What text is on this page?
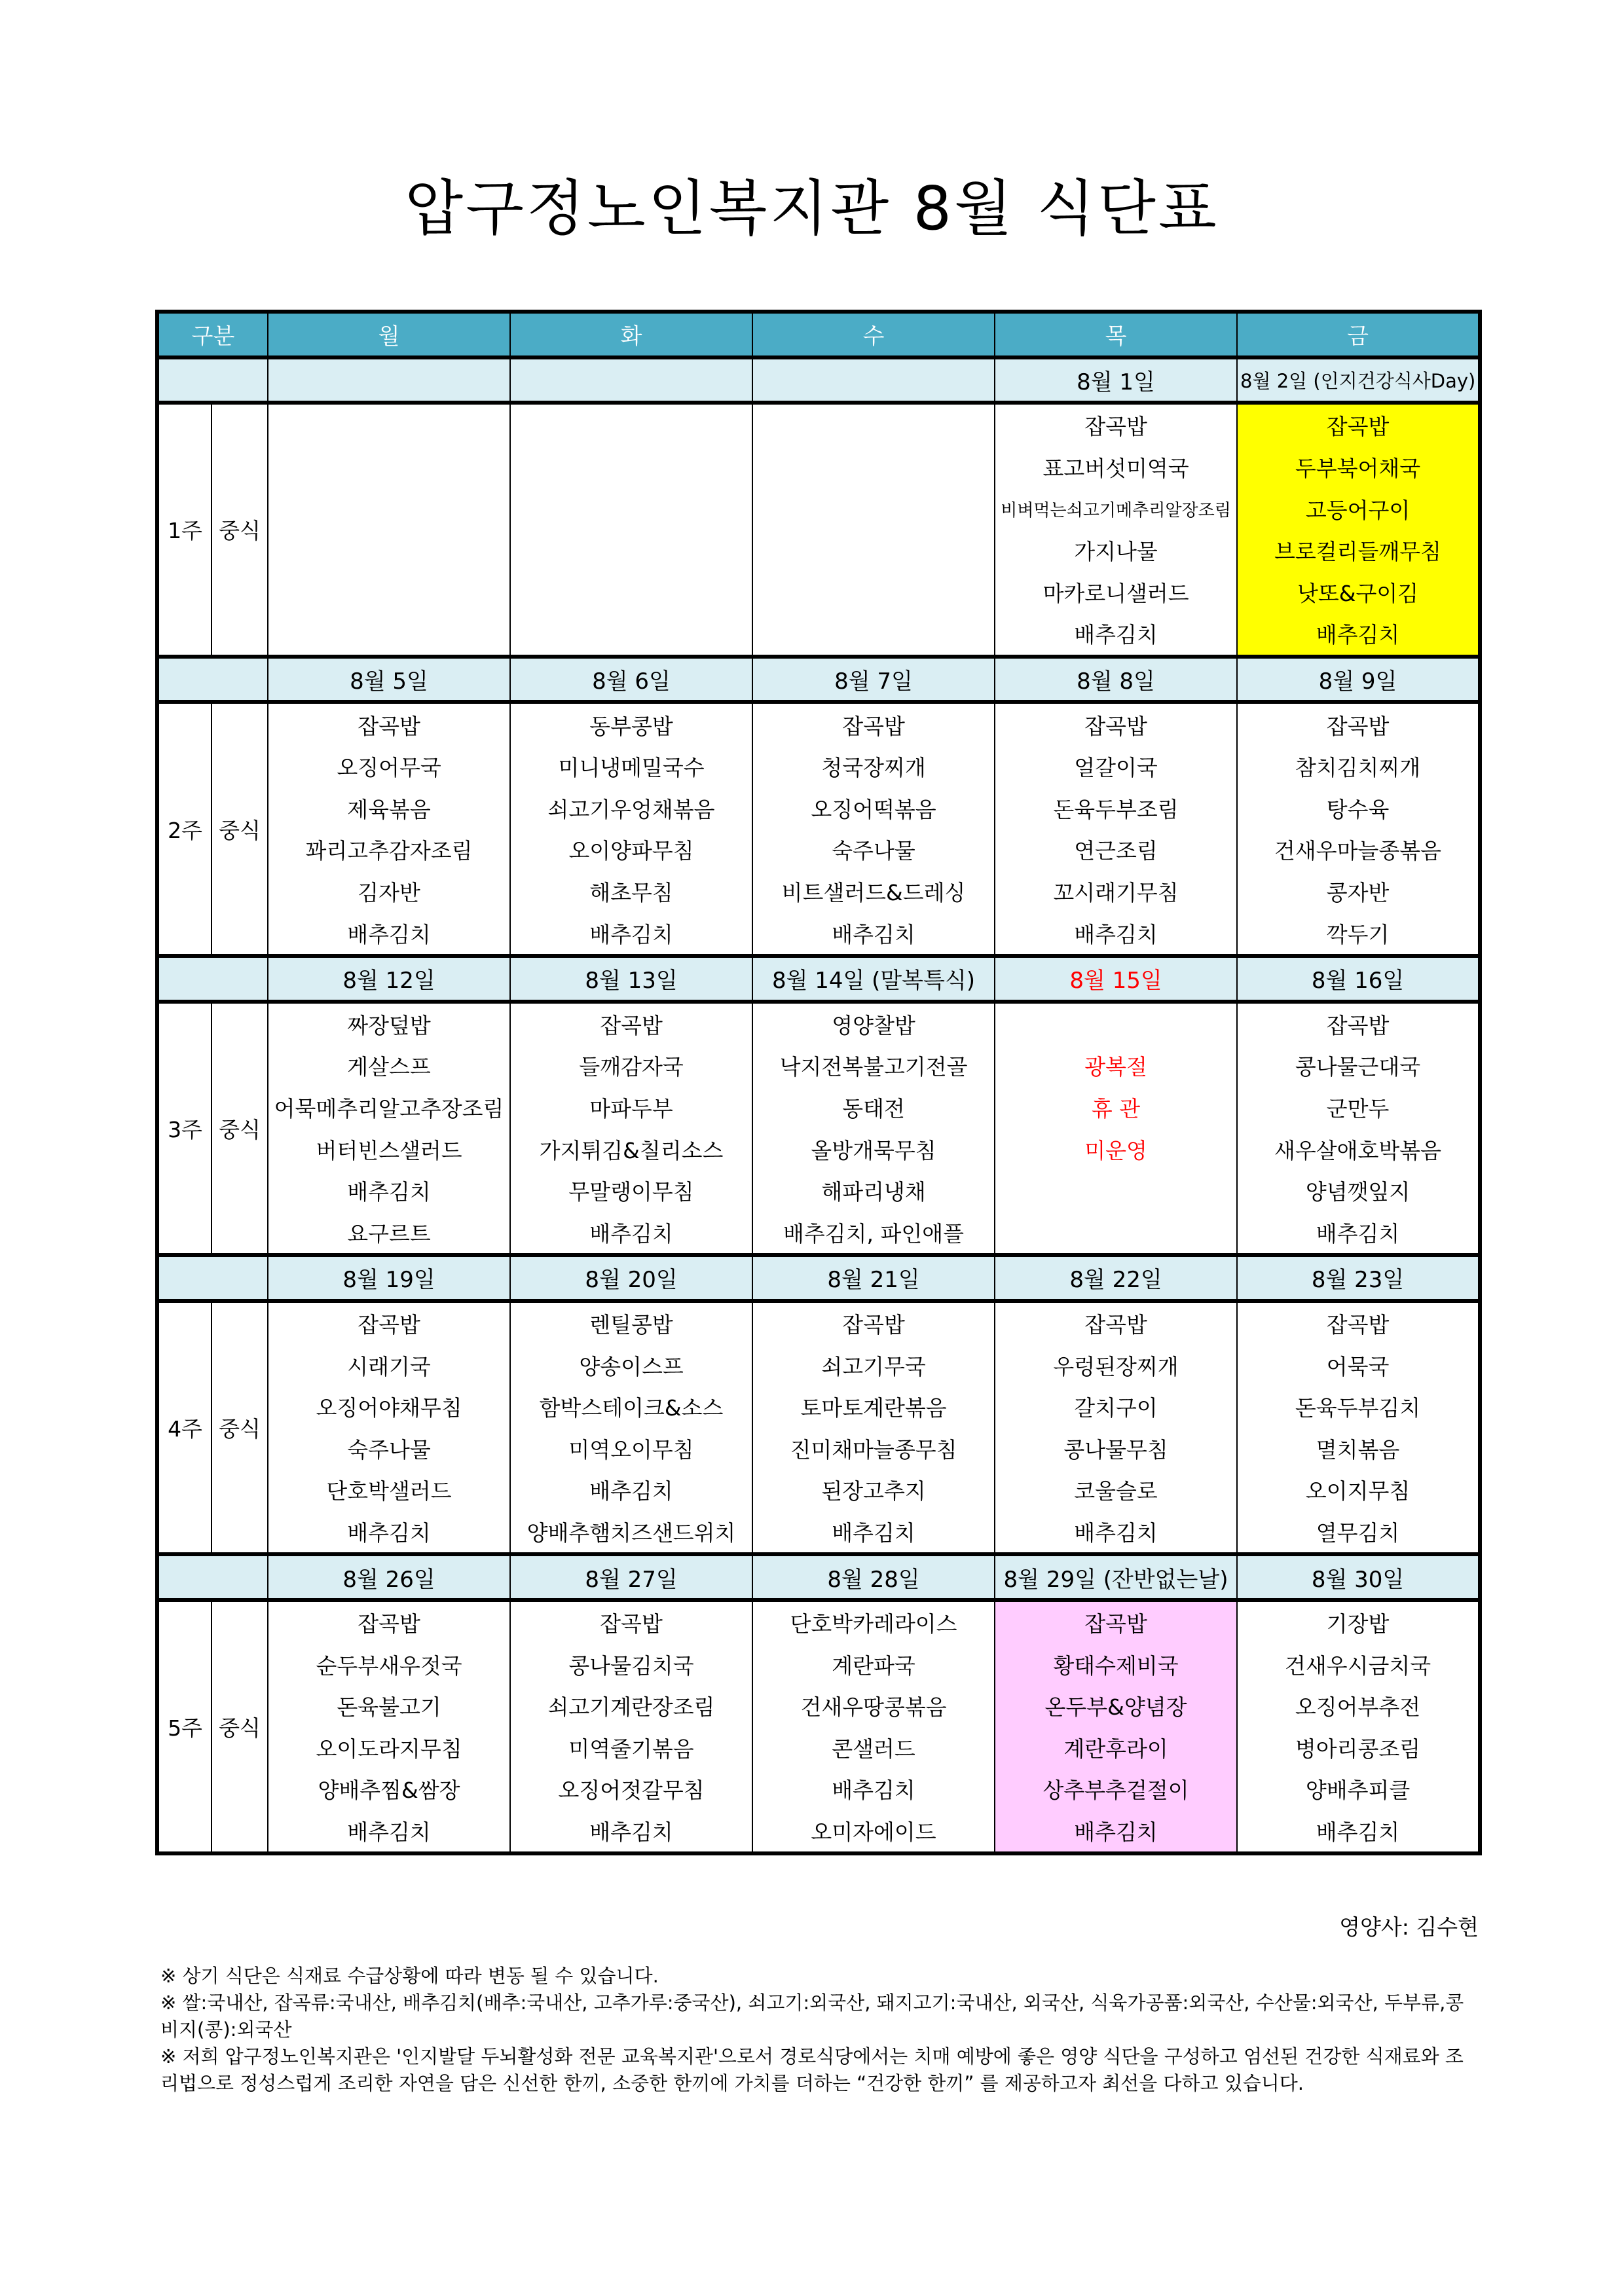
압구정노인복지관 8월 식단표
구분		월	화	수	목	금
					8월 1일	8월 2일 (인지건강식사Day)
1주	중식				잡곡밥	잡곡밥
					표고버섯미역국	두부북어채국
					비벼먹는쇠고기메추리알장조림	고등어구이
					가지나물	브로컬리들깨무침
					마카로니샐러드	낫또&구이김
					배추김치	배추김치
		8월 5일	8월 6일	8월 7일	8월 8일	8월 9일
2주	중식	잡곡밥	동부콩밥	잡곡밥	잡곡밥	잡곡밥
		오징어무국	미니냉메밀국수	청국장찌개	얼갈이국	참치김치찌개
		제육볶음	쇠고기우엉채볶음	오징어떡볶음	돈육두부조림	탕수육
		꽈리고추감자조림	오이양파무침	숙주나물	연근조림	건새우마늘종볶음
		김자반	해초무침	비트샐러드&드레싱	꼬시래기무침	콩자반
		배추김치	배추김치	배추김치	배추김치	깍두기
		8월 12일	8월 13일	8월 14일 (말복특식)	8월 15일	8월 16일
3주	중식	짜장덮밥	잡곡밥	영양찰밥		잡곡밥
		게살스프	들깨감자국	낙지전복불고기전골	광복절	콩나물근대국
		어묵메추리알고추장조림	마파두부	동태전	휴 관	군만두
		버터빈스샐러드	가지튀김&칠리소스	올방개묵무침	미운영	새우살애호박볶음
		배추김치	무말랭이무침	해파리냉채		양념깻잎지
		요구르트	배추김치	배추김치, 파인애플		배추김치
		8월 19일	8월 20일	8월 21일	8월 22일	8월 23일
4주	중식	잡곡밥	렌틸콩밥	잡곡밥	잡곡밥	잡곡밥
		시래기국	양송이스프	쇠고기무국	우렁된장찌개	어묵국
		오징어야채무침	함박스테이크&소스	토마토계란볶음	갈치구이	돈육두부김치
		숙주나물	미역오이무침	진미채마늘종무침	콩나물무침	멸치볶음
		단호박샐러드	배추김치	된장고추지	코울슬로	오이지무침
		배추김치	양배추햄치즈샌드위치	배추김치	배추김치	열무김치
		8월 26일	8월 27일	8월 28일	8월 29일 (잔반없는날)	8월 30일
5주	중식	잡곡밥	잡곡밥	단호박카레라이스	잡곡밥	기장밥
		순두부새우젓국	콩나물김치국	계란파국	황태수제비국	건새우시금치국
		돈육불고기	쇠고기계란장조림	건새우땅콩볶음	온두부&양념장	오징어부추전
		오이도라지무침	미역줄기볶음	콘샐러드	계란후라이	병아리콩조림
		양배추찜&쌈장	오징어젓갈무침	배추김치	상추부추겉절이	양배추피클
		배추김치	배추김치	오미자에이드	배추김치	배추김치
영양사: 김수현

※ 상기 식단은 식재료 수급상황에 따라 변동 될 수 있습니다.

※ 쌀:국내산, 잡곡류:국내산, 배추김치(배추:국내산, 고추가루:중국산), 쇠고기:외국산, 돼지고기:국내산, 외국산, 식육가공품:외국산, 수산물:외국산, 두부류,콩비지(콩):외국산

※ 저희 압구정노인복지관은 '인지발달 두뇌활성화 전문 교육복지관'으로서 경로식당에서는 치매 예방에 좋은 영양 식단을 구성하고 엄선된 건강한 식재료와 조리법으로 정성스럽게 조리한 자연을 담은 신선한 한끼, 소중한 한끼에 가치를 더하는 “건강한 한끼” 를 제공하고자 최선을 다하고 있습니다.
